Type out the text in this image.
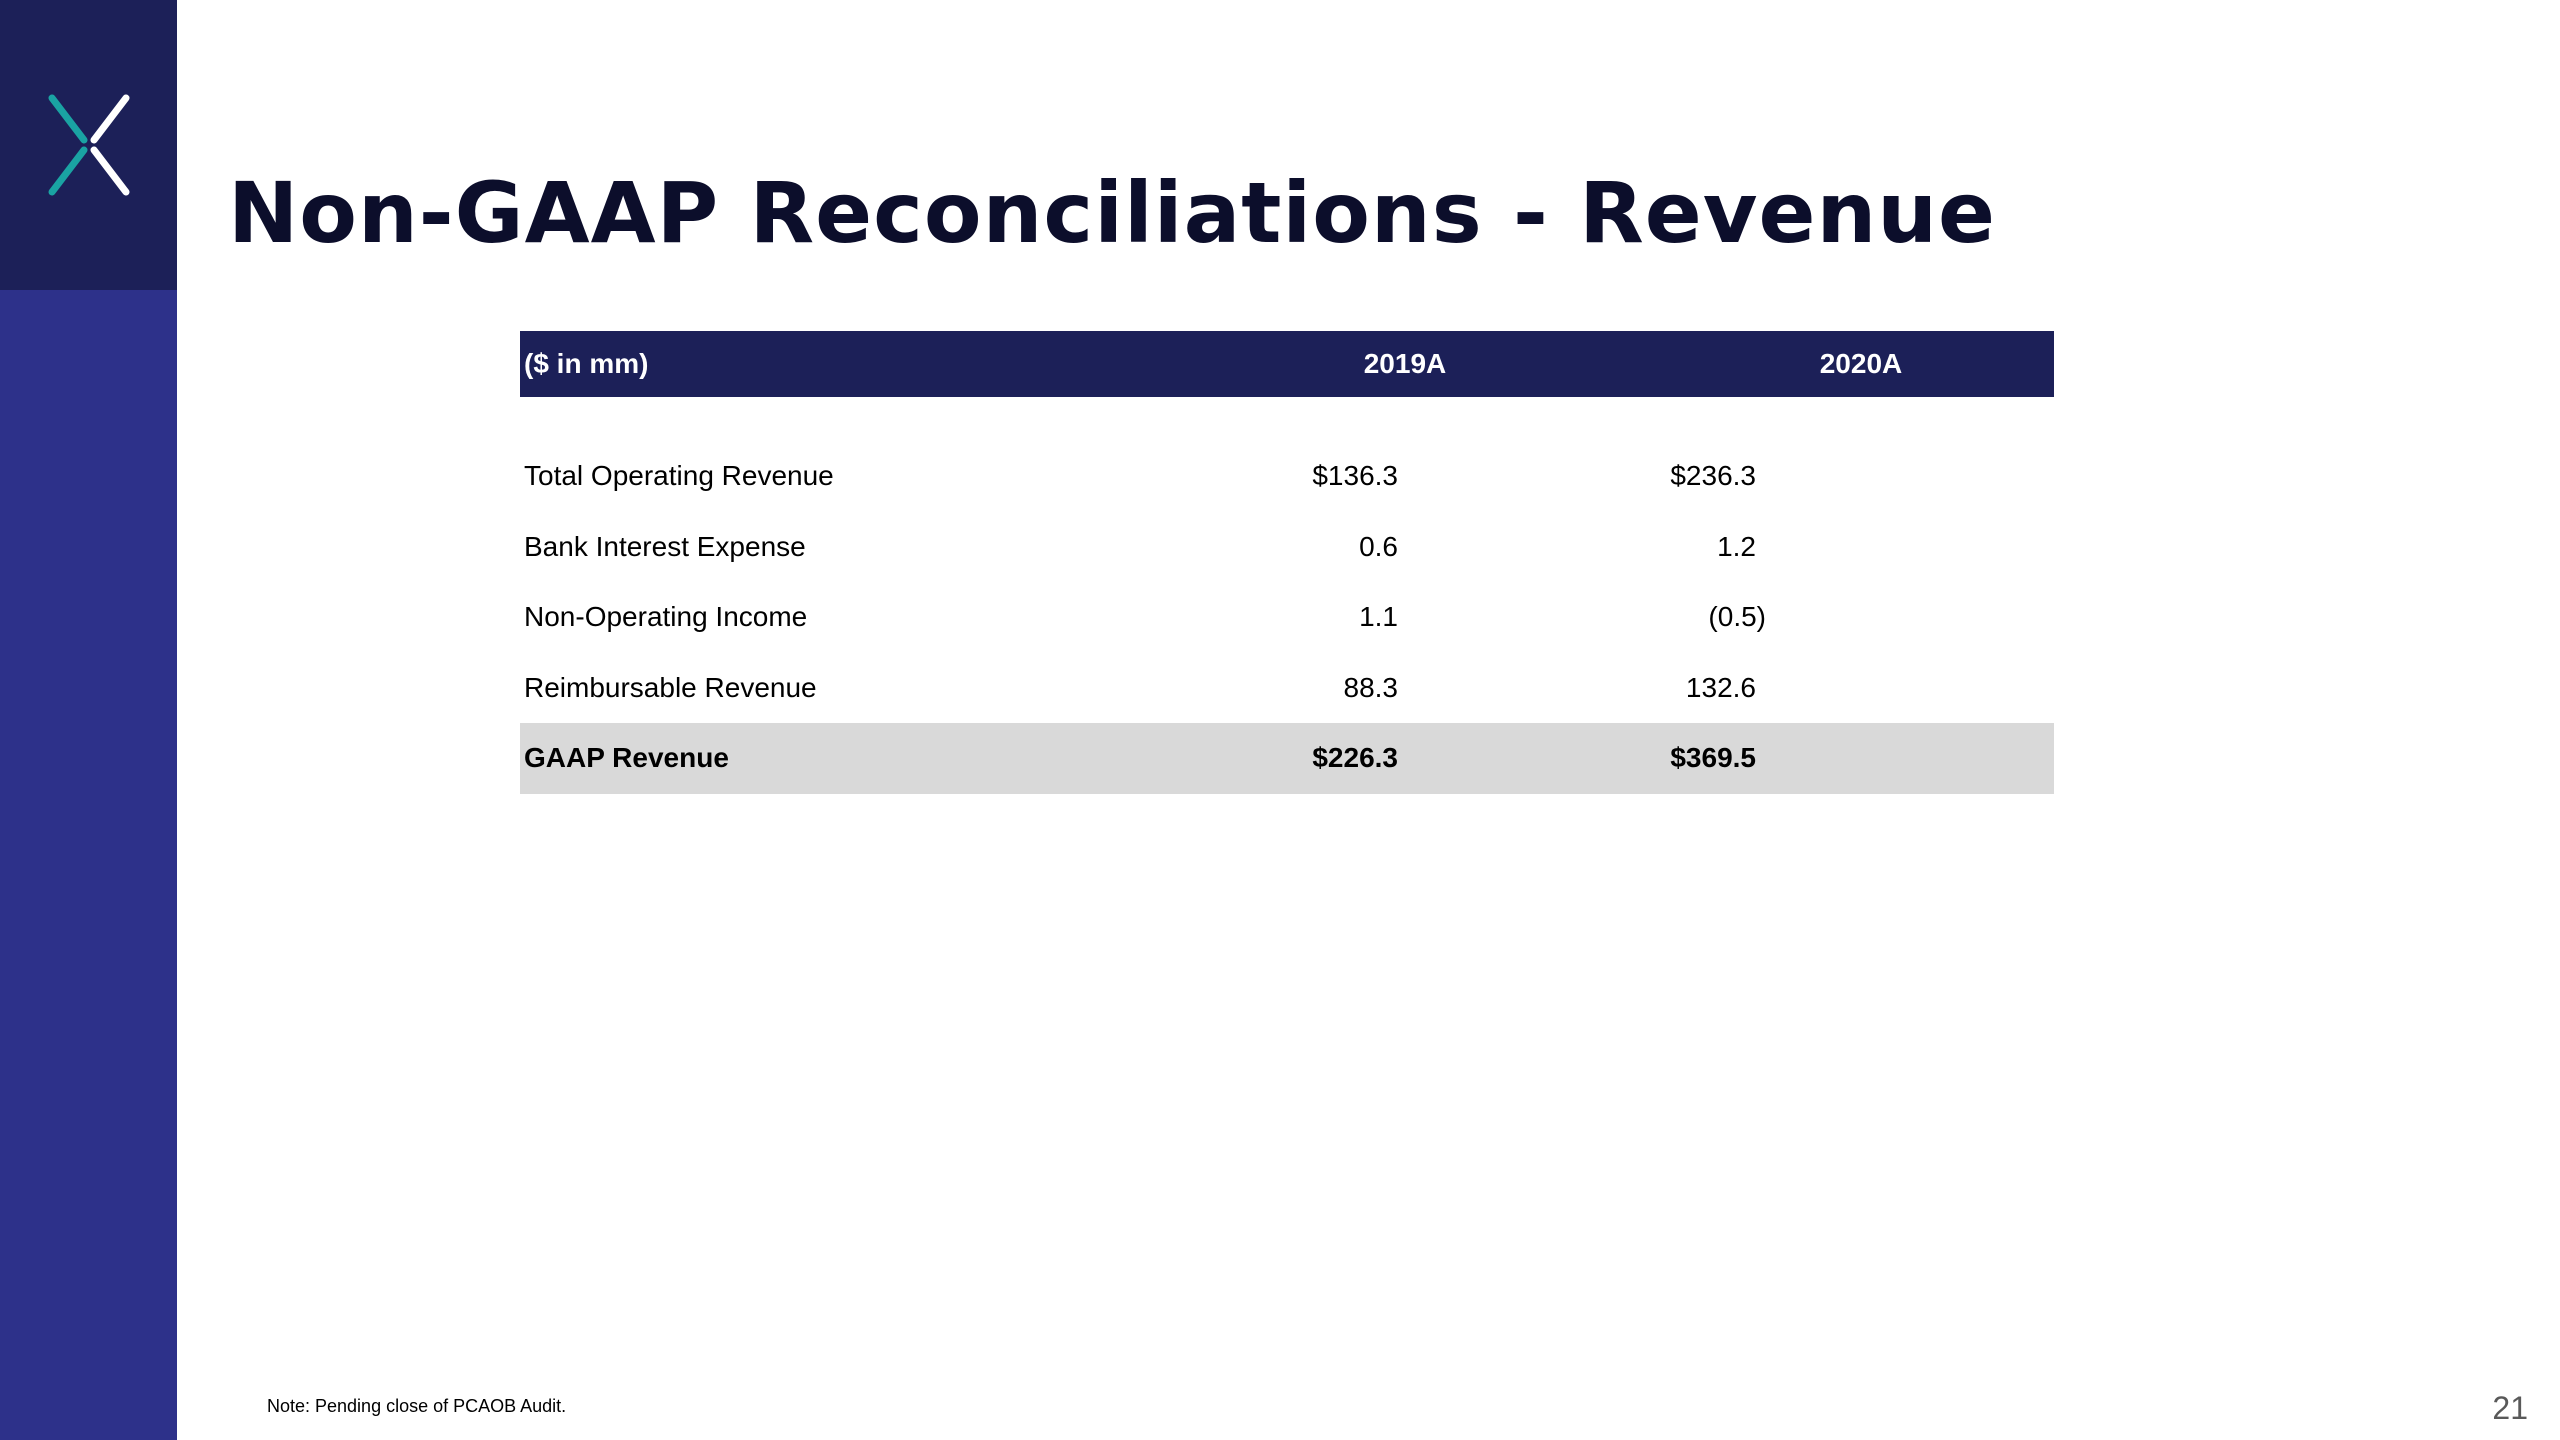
Non-GAAP Reconciliations - Revenue
($ in mm)	2019A	2020A
Total Operating Revenue	$136.3	$236.3
Bank Interest Expense	0.6	1.2
Non-Operating Income	1.1	(0.5)
Reimbursable Revenue	88.3	132.6
GAAP Revenue	$226.3	$369.5
Note: Pending close of PCAOB Audit.	21
